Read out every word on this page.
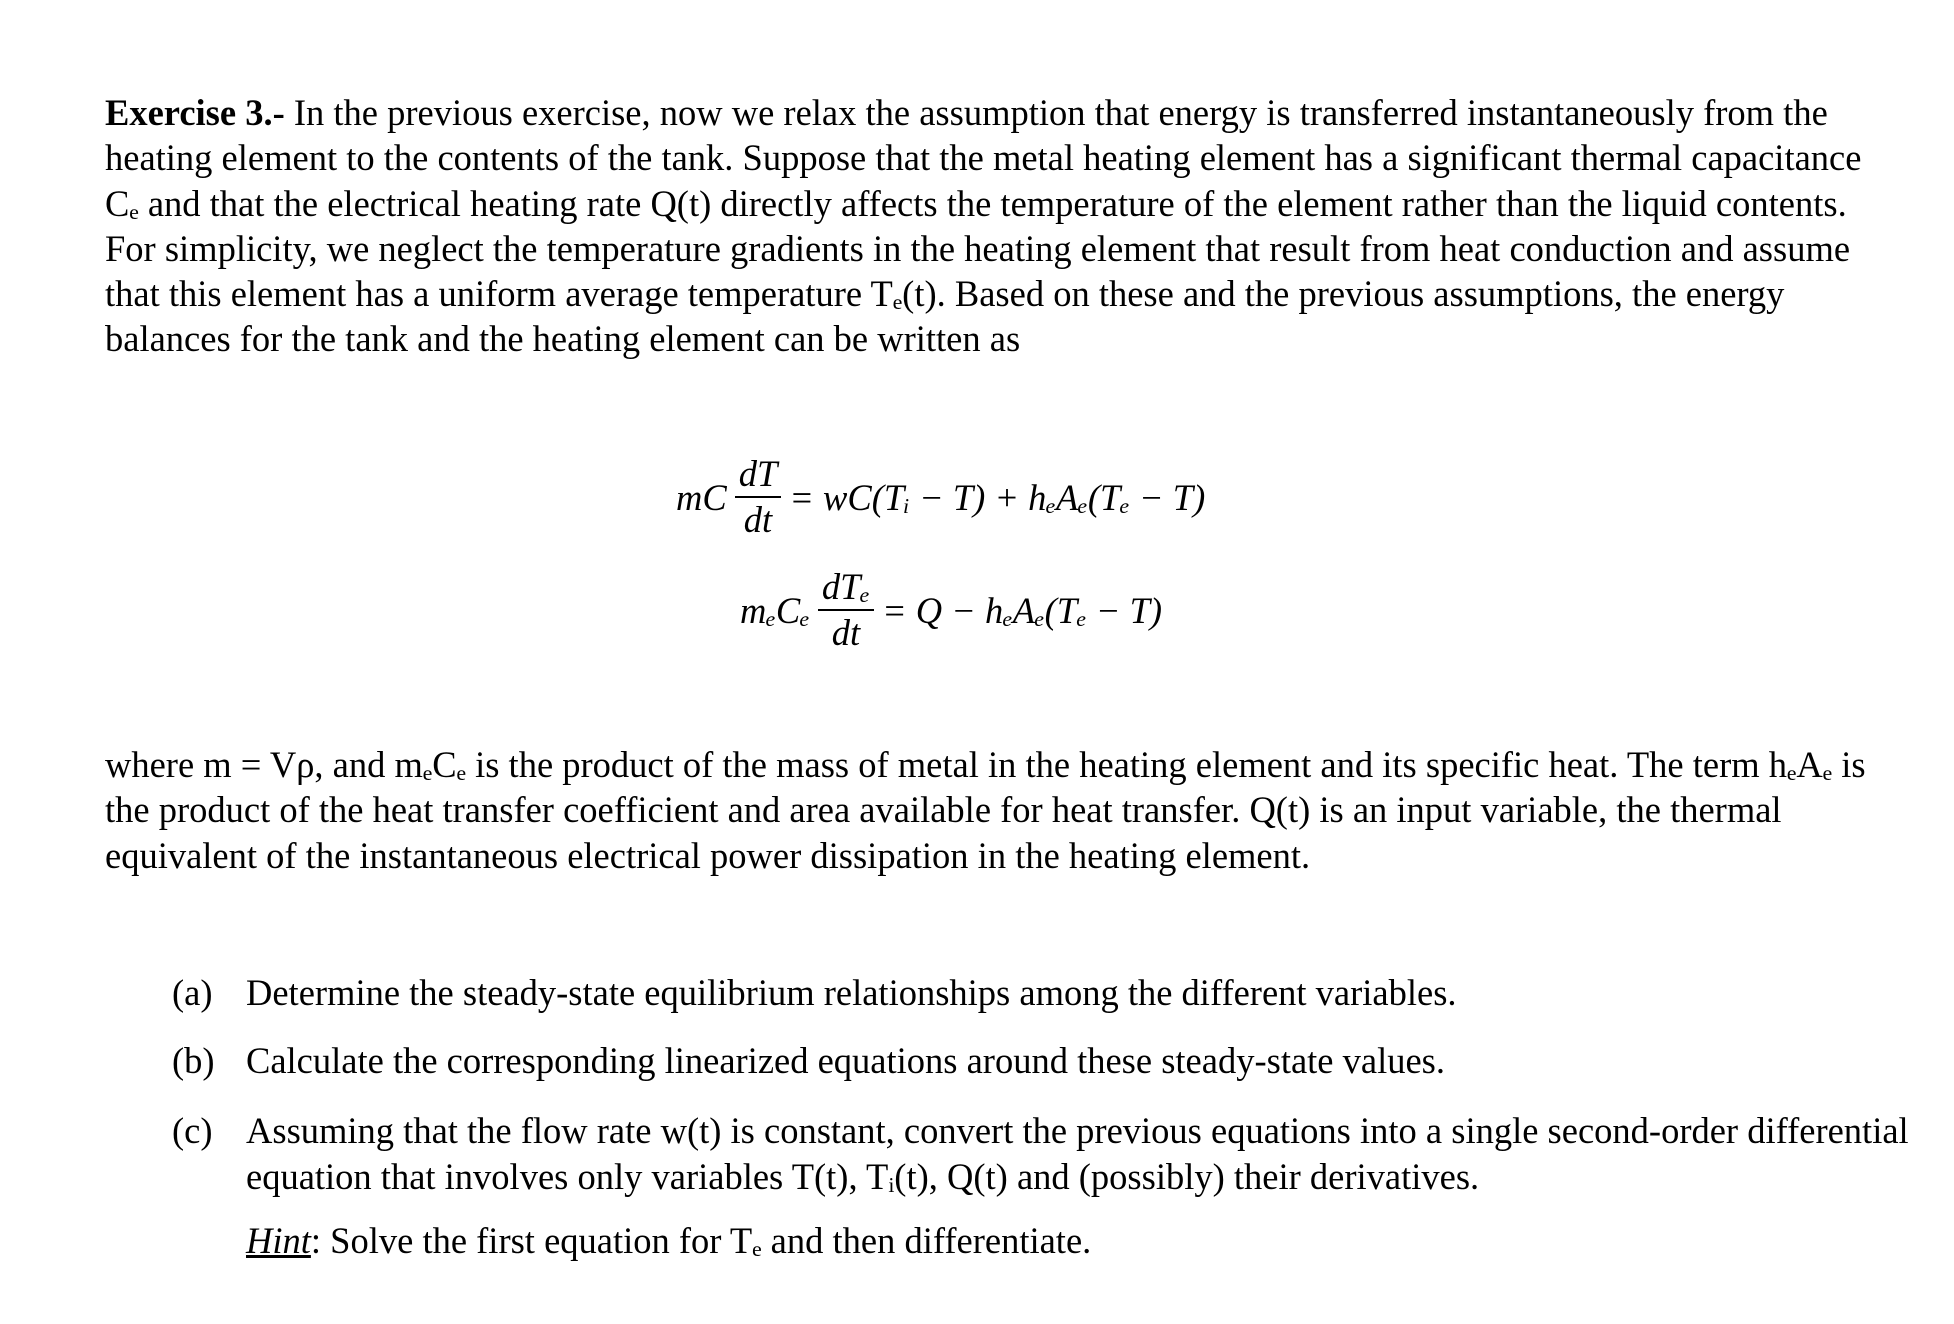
Exercise 3.- In the previous exercise, now we relax the assumption that energy is transferred instantaneously from the heating element to the contents of the tank. Suppose that the metal heating element has a significant thermal capacitance Cₑ and that the electrical heating rate Q(t) directly affects the temperature of the element rather than the liquid contents. For simplicity, we neglect the temperature gradients in the heating element that result from heat conduction and assume that this element has a uniform average temperature Tₑ(t). Based on these and the previous assumptions, the energy balances for the tank and the heating element can be written as
mC $\frac{dT}{dt}$ = wC(Tᵢ − T) + hₑAₑ(Tₑ − T)
mₑCₑ $\frac{\text{dTₑ}}{dt} = Q - h_eA_e(T_e - T)$
where m = Vρ, and mₑCₑ is the product of the mass of metal in the heating element and its specific heat. The term hₑAₑ is the product of the heat transfer coefficient and area available for heat transfer. Q(t) is an input variable, the thermal equivalent of the instantaneous electrical power dissipation in the heating element.
(a) Determine the steady-state equilibrium relationships among the different variables.
(b) Calculate the corresponding linearized equations around these steady-state values.
(c) Assuming that the flow rate w(t) is constant, convert the previous equations into a single second-order differential equation that involves only variables T(t), Tᵢ(t), Q(t) and (possibly) their derivatives.
Hint: Solve the first equation for Tₑ and then differentiate.
